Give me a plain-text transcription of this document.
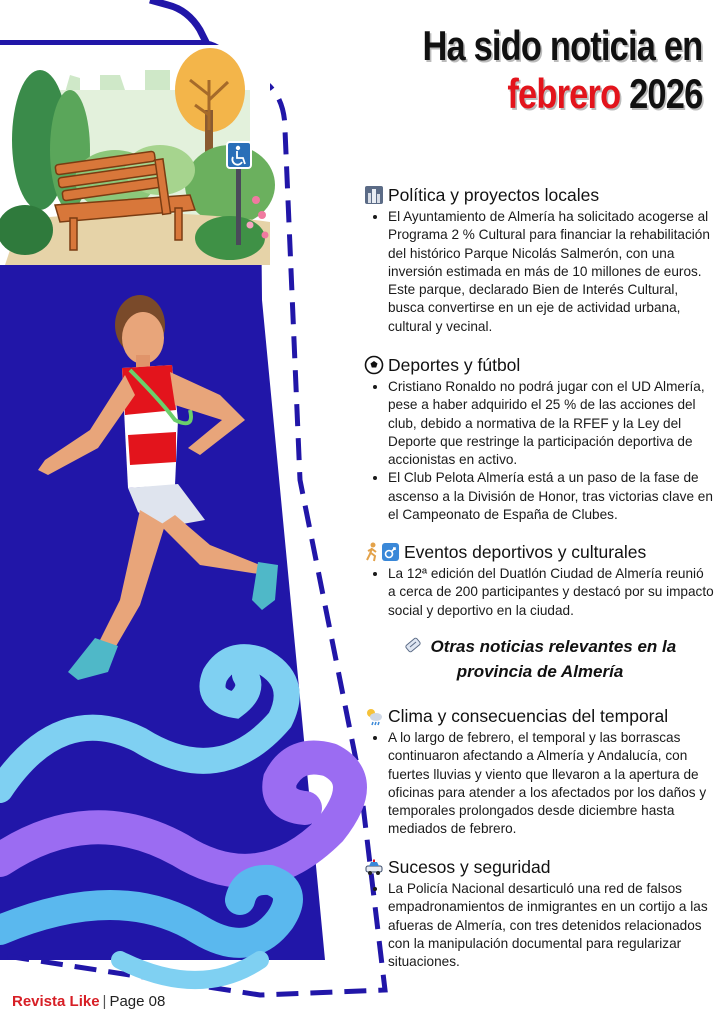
Ha sido noticia en
febrero 2026
Política y proyectos locales
• El Ayuntamiento de Almería ha solicitado acogerse al Programa 2 % Cultural para financiar la rehabilitación del histórico Parque Nicolás Salmerón, con una inversión estimada en más de 10 millones de euros. Este parque, declarado Bien de Interés Cultural, busca convertirse en un eje de actividad urbana, cultural y vecinal.
Deportes y fútbol
• Cristiano Ronaldo no podrá jugar con el UD Almería, pese a haber adquirido el 25 % de las acciones del club, debido a normativa de la RFEF y la Ley del Deporte que restringe la participación deportiva de accionistas en activo.
• El Club Pelota Almería está a un paso de la fase de ascenso a la División de Honor, tras victorias clave en el Campeonato de España de Clubes.
Eventos deportivos y culturales
• La 12ª edición del Duatlón Ciudad de Almería reunió a cerca de 200 participantes y destacó por su impacto social y deportivo en la ciudad.
Otras noticias relevantes en la
provincia de Almería
Clima y consecuencias del temporal
• A lo largo de febrero, el temporal y las borrascas continuaron afectando a Almería y Andalucía, con fuertes lluvias y viento que llevaron a la apertura de oficinas para atender a los afectados por los daños y temporales prolongados desde diciembre hasta mediados de febrero.
Sucesos y seguridad
• La Policía Nacional desarticuló una red de falsos empadronamientos de inmigrantes en un cortijo a las afueras de Almería, con tres detenidos relacionados con la manipulación documental para regularizar situaciones.
Revista Like | Page 08
